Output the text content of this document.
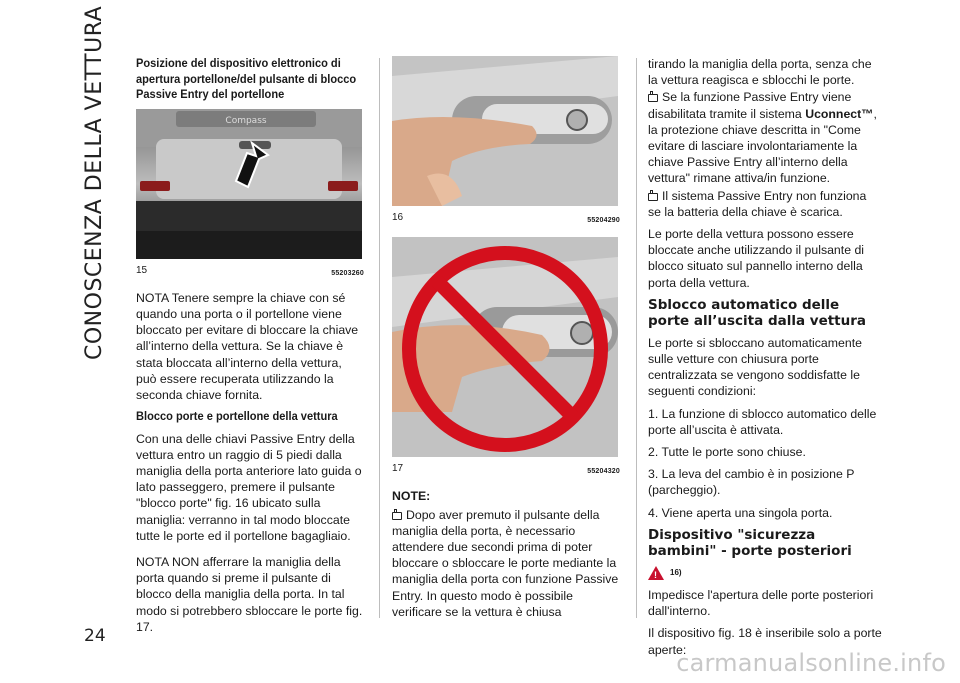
CONOSCENZA DELLA VETTURA
24
Posizione del dispositivo elettronico di apertura portellone/del pulsante di blocco Passive Entry del portellone
Compass
15	55203260

NOTA Tenere sempre la chiave con sé quando una porta o il portellone viene bloccato per evitare di bloccare la chiave all’interno della vettura. Se la chiave è stata bloccata all’interno della vettura, può essere recuperata utilizzando la seconda chiave fornita.

Blocco porte e portellone della vettura

Con una delle chiavi Passive Entry della vettura entro un raggio di 5 piedi dalla maniglia della porta anteriore lato guida o lato passeggero, premere il pulsante "blocco porte" fig. 16 ubicato sulla maniglia: verranno in tal modo bloccate tutte le porte ed il portellone bagagliaio.

NOTA NON afferrare la maniglia della porta quando si preme il pulsante di blocco della maniglia della porta. In tal modo si potrebbero sbloccare le porte fig. 17.

16	55204290
17	55204320
NOTE:

Dopo aver premuto il pulsante della maniglia della porta, è necessario attendere due secondi prima di poter bloccare o sbloccare le porte mediante la maniglia della porta con funzione Passive Entry. In questo modo è possibile verificare se la vettura è chiusa

tirando la maniglia della porta, senza che la vettura reagisca e sblocchi le porte.

Se la funzione Passive Entry viene disabilitata tramite il sistema Uconnect™, la protezione chiave descritta in "Come evitare di lasciare involontariamente la chiave Passive Entry all’interno della vettura" rimane attiva/in funzione.

Il sistema Passive Entry non funziona se la batteria della chiave è scarica.

Le porte della vettura possono essere bloccate anche utilizzando il pulsante di blocco situato sul pannello interno della porta della vettura.

Sblocco automatico delle porte all’uscita dalla vettura

Le porte si sbloccano automaticamente sulle vetture con chiusura porte centralizzata se vengono soddisfatte le seguenti condizioni:

1. La funzione di sblocco automatico delle porte all’uscita è attivata.

2. Tutte le porte sono chiuse.

3. La leva del cambio è in posizione P (parcheggio).

4. Viene aperta una singola porta.

Dispositivo "sicurezza bambini" - porte posteriori
!
16)

Impedisce l'apertura delle porte posteriori dall'interno.

Il dispositivo fig. 18 è inseribile solo a porte aperte:

carmanualsonline.info
